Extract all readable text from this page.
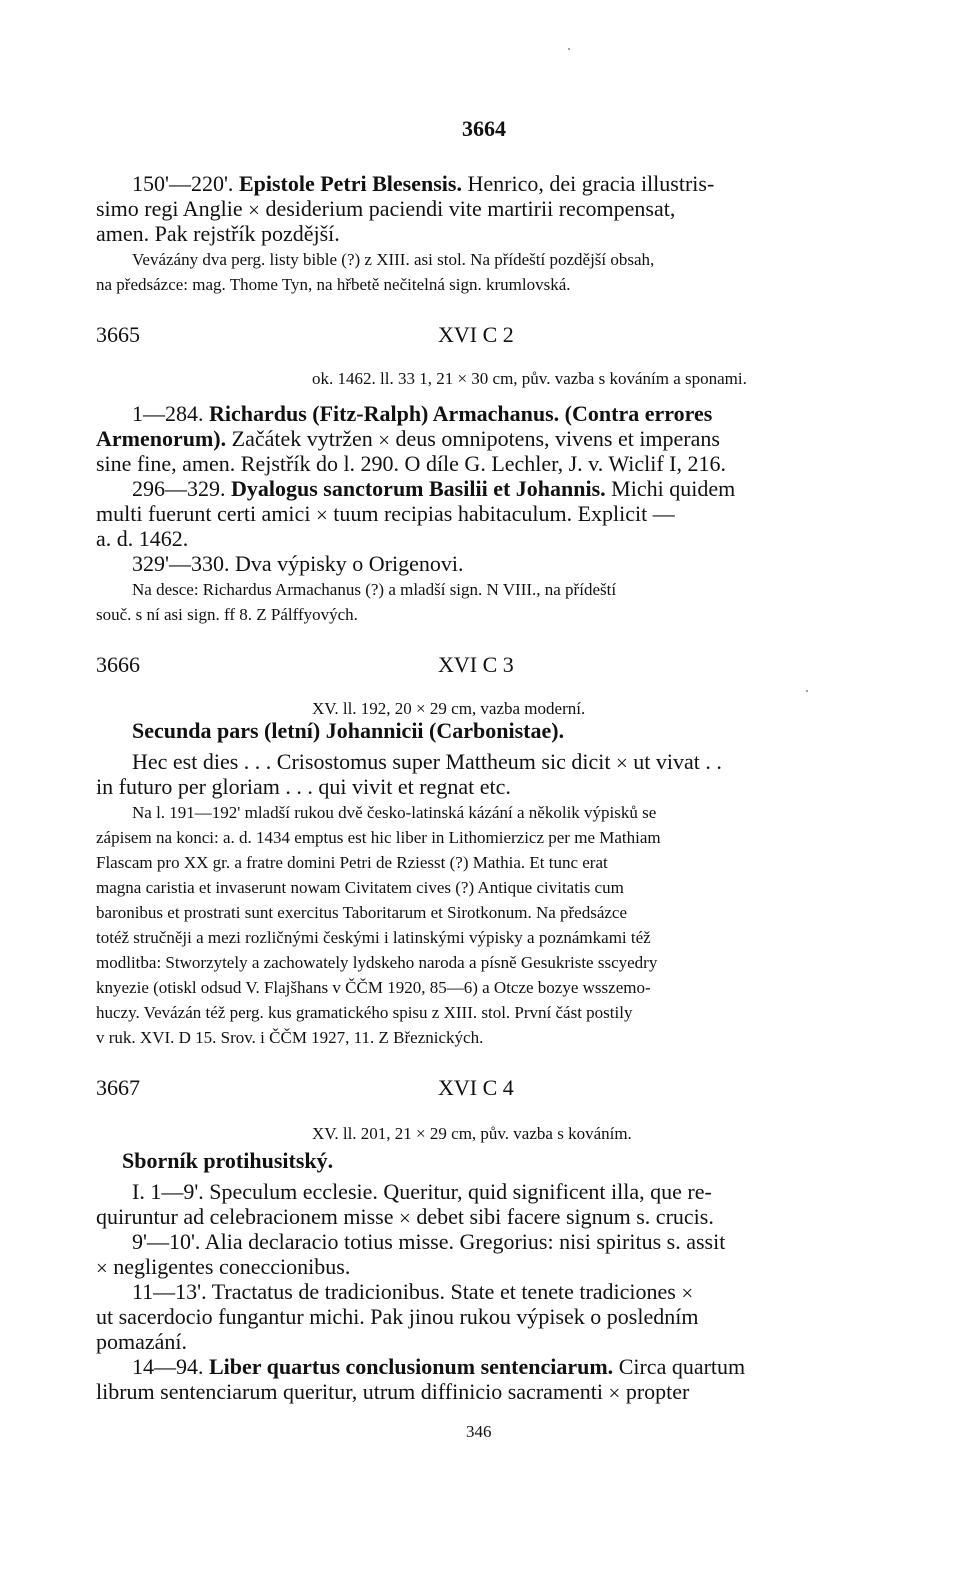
3664
150'—220'. Epistole Petri Blesensis. Henrico, dei gracia illustris-
simo regi Anglie × desiderium paciendi vite martirii recompensat,
amen. Pak rejstřík pozdější.
Vevázány dva perg. listy bible (?) z XIII. asi stol. Na přídeští pozdější obsah,
na předsázce: mag. Thome Tyn, na hřbetě nečitelná sign. krumlovská.
3665	XVI C 2
ok. 1462. ll. 33 1, 21 × 30 cm, pův. vazba s kováním a sponami.
1—284. Richardus (Fitz-Ralph) Armachanus. (Contra errores
Armenorum). Začátek vytržen × deus omnipotens, vivens et imperans
sine fine, amen. Rejstřík do l. 290. O díle G. Lechler, J. v. Wiclif I, 216.
296—329. Dyalogus sanctorum Basilii et Johannis. Michi quidem
multi fuerunt certi amici × tuum recipias habitaculum. Explicit —
a. d. 1462.
329'—330. Dva výpisky o Origenovi.
Na desce: Richardus Armachanus (?) a mladší sign. N VIII., na přídeští
souč. s ní asi sign. ff 8. Z Pálffyových.
3666	XVI C 3
XV. ll. 192, 20 × 29 cm, vazba moderní.
Secunda pars (letní) Johannicii (Carbonistae).
Hec est dies . . . Crisostomus super Mattheum sic dicit × ut vivat . .
in futuro per gloriam . . . qui vivit et regnat etc.
Na l. 191—192' mladší rukou dvě česko-latinská kázání a několik výpisků se
zápisem na konci: a. d. 1434 emptus est hic liber in Lithomierzicz per me Mathiam
Flascam pro XX gr. a fratre domini Petri de Rziesst (?) Mathia. Et tunc erat
magna caristia et invaserunt nowam Civitatem cives (?) Antique civitatis cum
baronibus et prostrati sunt exercitus Taboritarum et Sirotkonum. Na předsázce
totéž stručněji a mezi rozličnými českými i latinskými výpisky a poznámkami též
modlitba: Stworzytely a zachowately lydskeho naroda a písně Gesukriste sscyedry
knyezie (otiskl odsud V. Flajšhans v ČČM 1920, 85—6) a Otcze bozye wsszemo-
huczy. Vevázán též perg. kus gramatického spisu z XIII. stol. První část postily
v ruk. XVI. D 15. Srov. i ČČM 1927, 11. Z Březnických.
3667	XVI C 4
XV. ll. 201, 21 × 29 cm, pův. vazba s kováním.
Sborník protihusitský.
I. 1—9'. Speculum ecclesie. Queritur, quid significent illa, que re-
quiruntur ad celebracionem misse × debet sibi facere signum s. crucis.
9'—10'. Alia declaracio totius misse. Gregorius: nisi spiritus s. assit
× negligentes coneccionibus.
11—13'. Tractatus de tradicionibus. State et tenete tradiciones ×
ut sacerdocio fungantur michi. Pak jinou rukou výpisek o posledním
pomazání.
14—94. Liber quartus conclusionum sentenciarum. Circa quartum
librum sentenciarum queritur, utrum diffinicio sacramenti × propter
346
